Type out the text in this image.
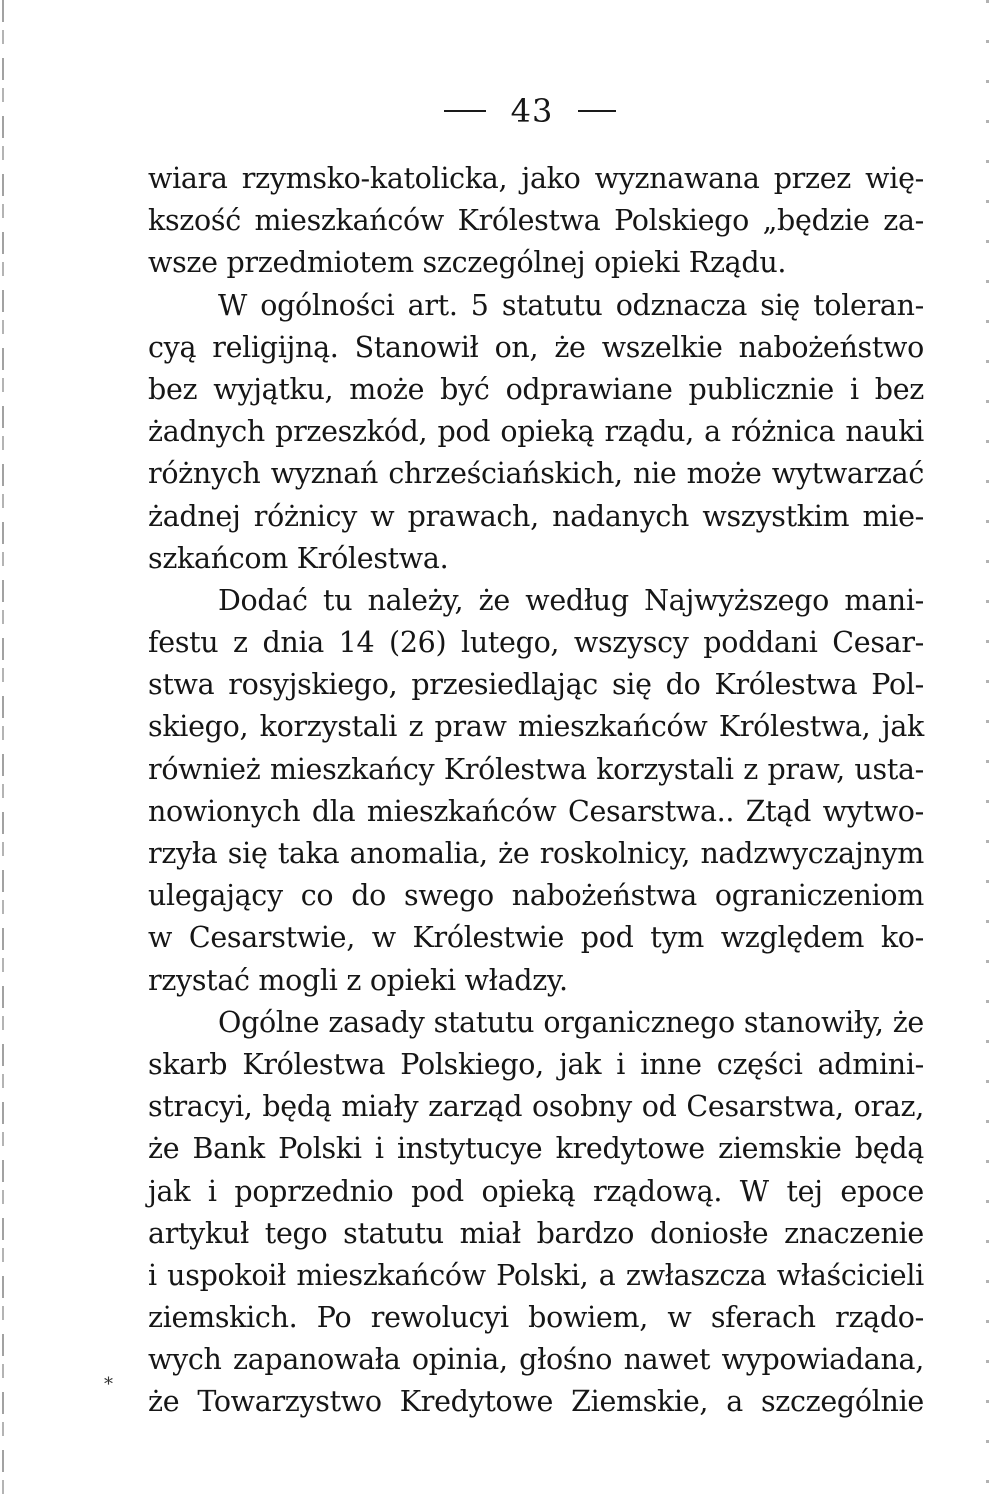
43
wiara rzymsko-katolicka, jako wyznawana przez wię-
kszość mieszkańców Królestwa Polskiego „będzie za-
wsze przedmiotem szczególnej opieki Rządu.
W ogólności art. 5 statutu odznacza się toleran-
cyą religijną. Stanowił on, że wszelkie nabożeństwo
bez wyjątku, może być odprawiane publicznie i bez
żadnych przeszkód, pod opieką rządu, a różnica nauki
różnych wyznań chrześciańskich, nie może wytwarzać
żadnej różnicy w prawach, nadanych wszystkim mie-
szkańcom Królestwa.
Dodać tu należy, że według Najwyższego mani-
festu z dnia 14 (26) lutego, wszyscy poddani Cesar-
stwa rosyjskiego, przesiedlając się do Królestwa Pol-
skiego, korzystali z praw mieszkańców Królestwa, jak
również mieszkańcy Królestwa korzystali z praw, usta-
nowionych dla mieszkańców Cesarstwa.. Ztąd wytwo-
rzyła się taka anomalia, że roskolnicy, nadzwyczajnym
ulegający co do swego nabożeństwa ograniczeniom
w Cesarstwie, w Królestwie pod tym względem ko-
rzystać mogli z opieki władzy.
Ogólne zasady statutu organicznego stanowiły, że
skarb Królestwa Polskiego, jak i inne części admini-
stracyi, będą miały zarząd osobny od Cesarstwa, oraz,
że Bank Polski i instytucye kredytowe ziemskie będą
jak i poprzednio pod opieką rządową. W tej epoce
artykuł tego statutu miał bardzo doniosłe znaczenie
i uspokoił mieszkańców Polski, a zwłaszcza właścicieli
ziemskich. Po rewolucyi bowiem, w sferach rządo-
wych zapanowała opinia, głośno nawet wypowiadana,
że Towarzystwo Kredytowe Ziemskie, a szczególnie
*
